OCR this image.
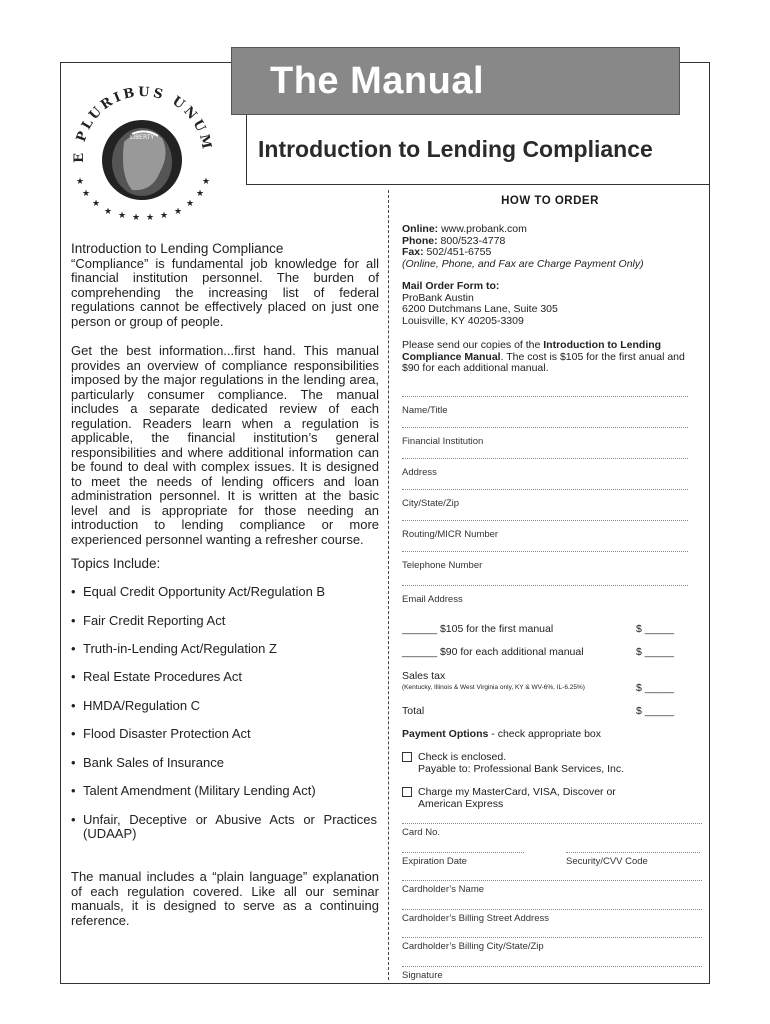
The Manual
Introduction to Lending Compliance
E PLURIBUS UNUM
LIBERTY
★
★
★
★ ★ ★ ★ ★ ★
★
★
★
Introduction to Lending Compliance
“Compliance” is fundamental job knowledge for all financial institution personnel. The burden of comprehending the increasing list of federal regulations cannot be effectively placed on just one person or group of people.
Get the best information...first hand. This manual provides an overview of compliance responsibilities imposed by the major regulations in the lending area, particularly consumer compliance. The manual includes a separate dedicated review of each regulation. Readers learn when a regulation is applicable, the financial institution’s general responsibilities and where additional information can be found to deal with complex issues. It is designed to meet the needs of lending officers and loan administration personnel. It is written at the basic level and is appropriate for those needing an introduction to lending compliance or more experienced personnel wanting a refresher course.
Topics Include:
• Equal Credit Opportunity Act/Regulation B
• Fair Credit Reporting Act
• Truth-in-Lending Act/Regulation Z
• Real Estate Procedures Act
• HMDA/Regulation C
• Flood Disaster Protection Act
• Bank Sales of Insurance
• Talent Amendment (Military Lending Act)
• Unfair, Deceptive or Abusive Acts or Practices (UDAAP)
The manual includes a “plain language” explanation of each regulation covered. Like all our seminar manuals, it is designed to serve as a continuing reference.
HOW TO ORDER
Online: www.probank.com
Phone: 800/523-4778
Fax: 502/451-6755
(Online, Phone, and Fax are Charge Payment Only)
Mail Order Form to:
ProBank Austin
6200 Dutchmans Lane, Suite 305
Louisville, KY 40205-3309
Please send our copies of the Introduction to Lending Compliance Manual. The cost is $105 for the first anual and $90 for each additional manual.
Name/Title
Financial Institution
Address
City/State/Zip
Routing/MICR Number
Telephone Number
Email Address
______ $105 for the first manual	$ _____
______ $90 for each additional manual	$ _____
Sales tax
(Kentucky, Illinois & West Virginia only, KY & WV-6%, IL-6.25%)	$ _____
Total	$ _____
Payment Options - check appropriate box
Check is enclosed.
Payable to: Professional Bank Services, Inc.
Charge my MasterCard, VISA, Discover or
American Express
Card No.
Expiration Date	Security/CVV Code
Cardholder’s Name
Cardholder’s Billing Street Address
Cardholder’s Billing City/State/Zip
Signature
